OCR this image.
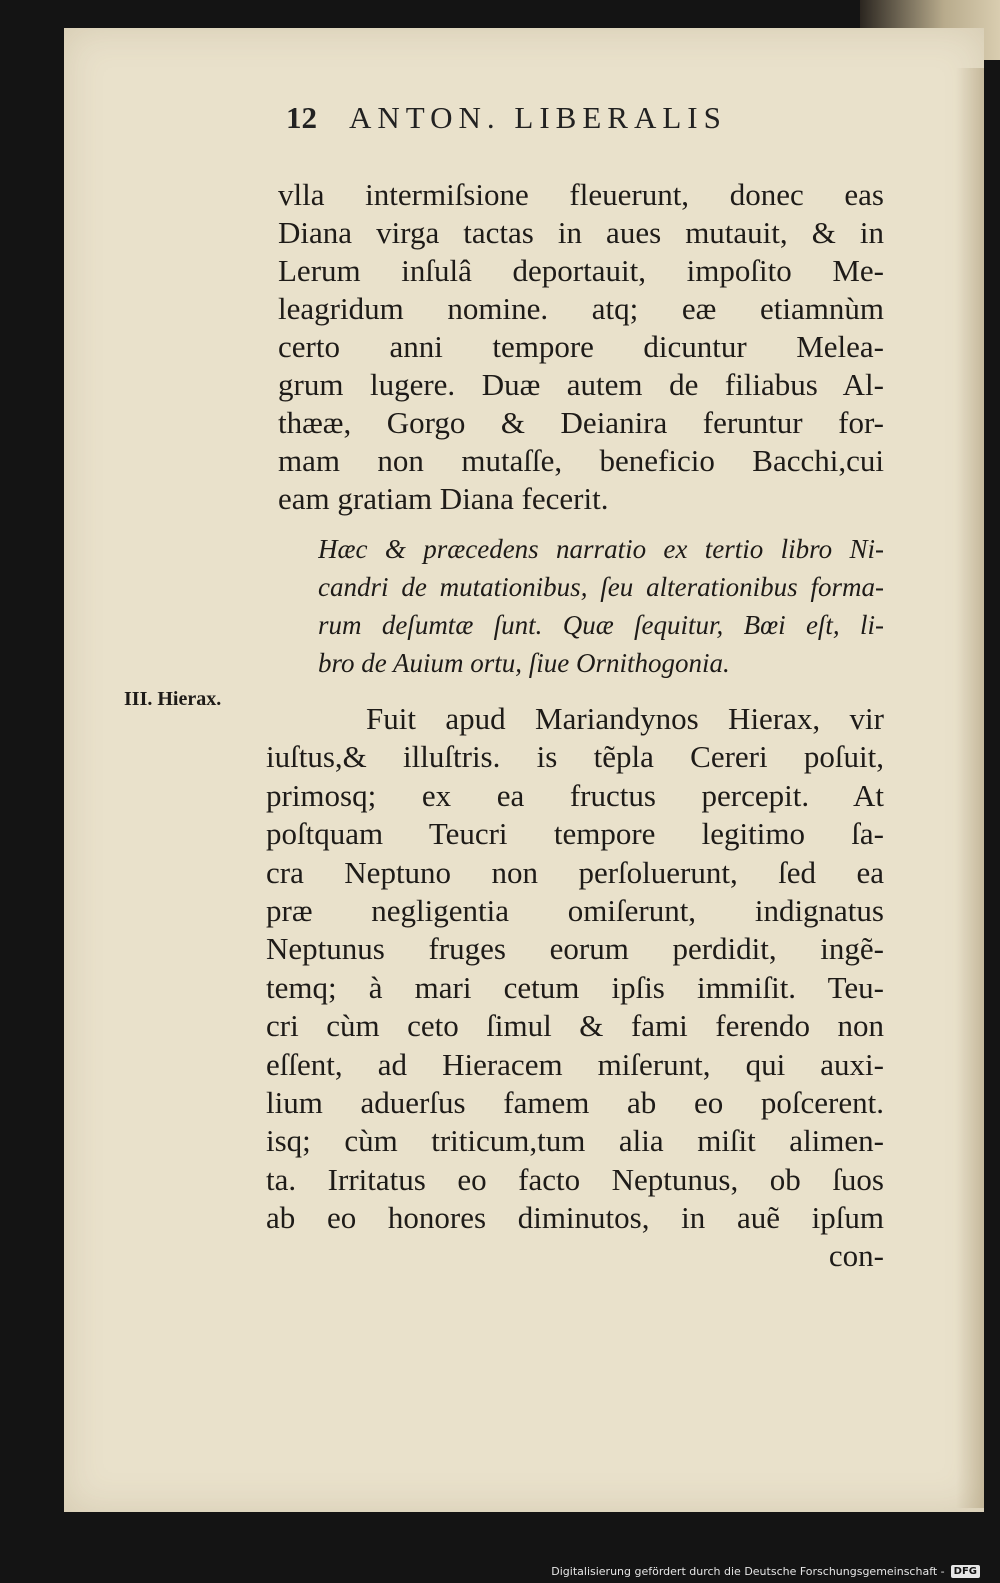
12 ANTON. LIBERALIS
vlla intermiſsione fleuerunt, donec eas
Diana virga tactas in aues mutauit, & in
Lerum inſulâ deportauit, impoſito Me-
leagridum nomine. atq; eæ etiamnùm
certo anni tempore dicuntur Melea-
grum lugere. Duæ autem de filiabus Al-
thææ, Gorgo & Deianira feruntur for-
mam non mutaſſe, beneficio Bacchi,cui
eam gratiam Diana fecerit.
Hæc & præcedens narratio ex tertio libro Ni-
candri de mutationibus, ſeu alterationibus forma-
rum deſumtæ ſunt. Quæ ſequitur, Bœi eſt, li-
bro de Auium ortu, ſiue Ornithogonia.
III. Hierax.
Fuit apud Mariandynos Hierax, vir
iuſtus,& illuſtris. is tẽpla Cereri poſuit,
primosq; ex ea fructus percepit. At
poſtquam Teucri tempore legitimo ſa-
cra Neptuno non perſoluerunt, ſed ea
præ negligentia omiſerunt, indignatus
Neptunus fruges eorum perdidit, ingẽ-
temq; à mari cetum ipſis immiſit. Teu-
cri cùm ceto ſimul & fami ferendo non
eſſent, ad Hieracem miſerunt, qui auxi-
lium aduerſus famem ab eo poſcerent.
isq; cùm triticum,tum alia miſit alimen-
ta. Irritatus eo facto Neptunus, ob ſuos
ab eo honores diminutos, in auẽ ipſum
con-
Digitalisierung gefördert durch die Deutsche Forschungsgemeinschaft - DFG
